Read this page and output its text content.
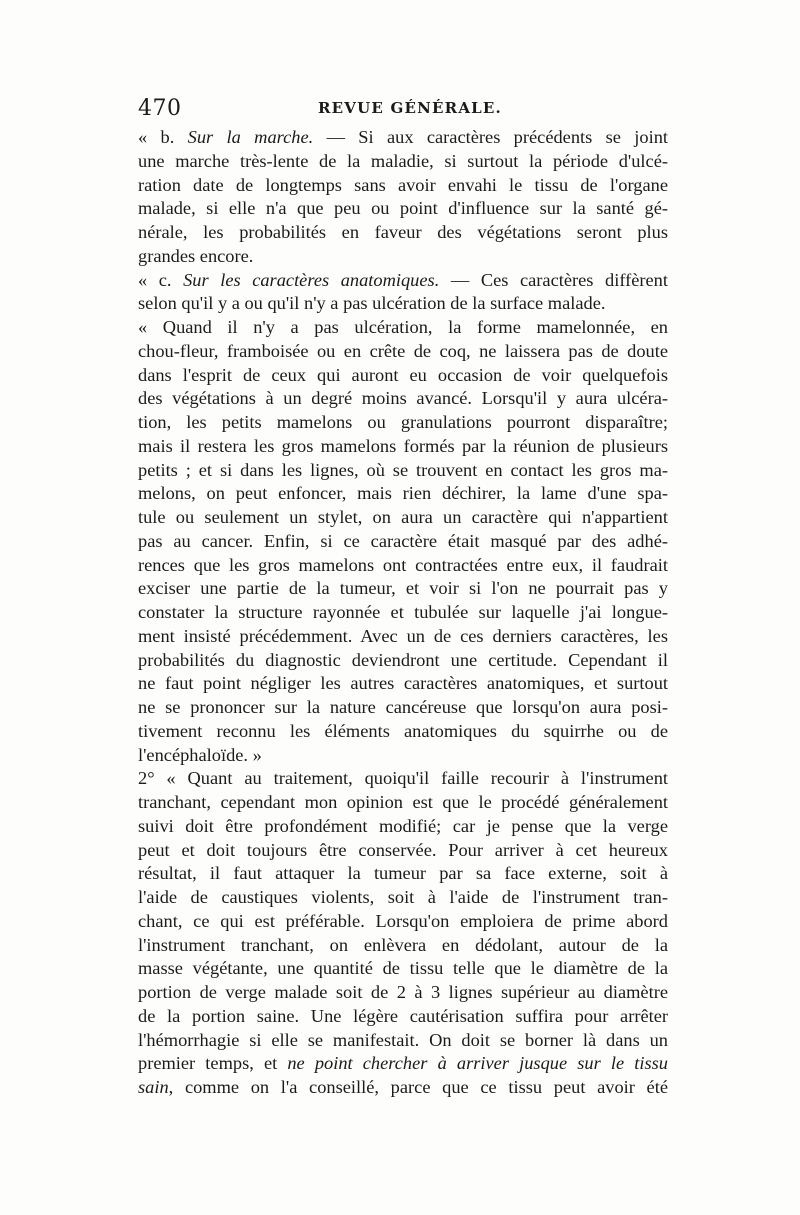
470	REVUE GÉNÉRALE.
« b. Sur la marche. — Si aux caractères précédents se joint
une marche très-lente de la maladie, si surtout la période d'ulcé-
ration date de longtemps sans avoir envahi le tissu de l'organe
malade, si elle n'a que peu ou point d'influence sur la santé gé-
nérale, les probabilités en faveur des végétations seront plus
grandes encore.
« c. Sur les caractères anatomiques. — Ces caractères diffèrent
selon qu'il y a ou qu'il n'y a pas ulcération de la surface malade.
« Quand il n'y a pas ulcération, la forme mamelonnée, en
chou-fleur, framboisée ou en crête de coq, ne laissera pas de doute
dans l'esprit de ceux qui auront eu occasion de voir quelquefois
des végétations à un degré moins avancé. Lorsqu'il y aura ulcéra-
tion, les petits mamelons ou granulations pourront disparaître;
mais il restera les gros mamelons formés par la réunion de plusieurs
petits ; et si dans les lignes, où se trouvent en contact les gros ma-
melons, on peut enfoncer, mais rien déchirer, la lame d'une spa-
tule ou seulement un stylet, on aura un caractère qui n'appartient
pas au cancer. Enfin, si ce caractère était masqué par des adhé-
rences que les gros mamelons ont contractées entre eux, il faudrait
exciser une partie de la tumeur, et voir si l'on ne pourrait pas y
constater la structure rayonnée et tubulée sur laquelle j'ai longue-
ment insisté précédemment. Avec un de ces derniers caractères, les
probabilités du diagnostic deviendront une certitude. Cependant il
ne faut point négliger les autres caractères anatomiques, et surtout
ne se prononcer sur la nature cancéreuse que lorsqu'on aura posi-
tivement reconnu les éléments anatomiques du squirrhe ou de
l'encéphaloïde. »
2° « Quant au traitement, quoiqu'il faille recourir à l'instrument
tranchant, cependant mon opinion est que le procédé généralement
suivi doit être profondément modifié; car je pense que la verge
peut et doit toujours être conservée. Pour arriver à cet heureux
résultat, il faut attaquer la tumeur par sa face externe, soit à
l'aide de caustiques violents, soit à l'aide de l'instrument tran-
chant, ce qui est préférable. Lorsqu'on emploiera de prime abord
l'instrument tranchant, on enlèvera en dédolant, autour de la
masse végétante, une quantité de tissu telle que le diamètre de la
portion de verge malade soit de 2 à 3 lignes supérieur au diamètre
de la portion saine. Une légère cautérisation suffira pour arrêter
l'hémorrhagie si elle se manifestait. On doit se borner là dans un
premier temps, et ne point chercher à arriver jusque sur le tissu
sain, comme on l'a conseillé, parce que ce tissu peut avoir été
